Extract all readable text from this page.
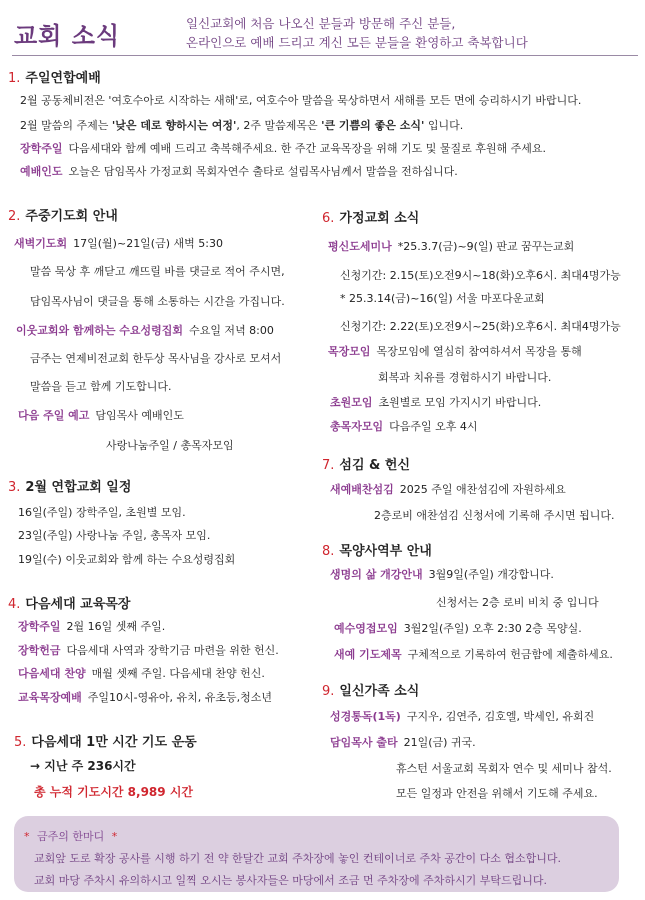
교회 소식	일신교회에 처음 나오신 분들과 방문해 주신 분들,
온라인으로 예배 드리고 계신 모든 분들을 환영하고 축복합니다
1. 주일연합예배
2월 공동체비전은 '여호수아로 시작하는 새해'로, 여호수아 말씀을 묵상하면서 새해를 모든 면에 승리하시기 바랍니다.
2월 말씀의 주제는 '낮은 데로 향하시는 여정', 2주 말씀제목은 '큰 기쁨의 좋은 소식' 입니다.
장학주일 다음세대와 함께 예배 드리고 축복해주세요. 한 주간 교육목장을 위해 기도 및 물질로 후원해 주세요.
예배인도 오늘은 담임목사 가정교회 목회자연수 출타로 설림목사님께서 말씀을 전하십니다.
2. 주중기도회 안내
새벽기도회 17일(월)~21일(금) 새벽 5:30
말씀 묵상 후 깨닫고 깨뜨릴 바를 댓글로 적어 주시면,
담임목사님이 댓글을 통해 소통하는 시간을 가집니다.
이웃교회와 함께하는 수요성령집회 수요일 저녁 8:00
금주는 연제비전교회 한두상 목사님을 강사로 모셔서
말씀을 듣고 함께 기도합니다.
다음 주일 예고 담임목사 예배인도
사랑나눔주일 / 총목자모임
3. 2월 연합교회 일정
16일(주일) 장학주일, 초원별 모임.
23일(주일) 사랑나눔 주일, 총목자 모임.
19일(수) 이웃교회와 함께 하는 수요성령집회
4. 다음세대 교육목장
장학주일 2월 16일 셋째 주일.
장학헌금 다음세대 사역과 장학기금 마련을 위한 헌신.
다음세대 찬양 매월 셋째 주일. 다음세대 찬양 헌신.
교육목장예배 주일10시-영유아, 유치, 유초등,청소년
5. 다음세대 1만 시간 기도 운동
→ 지난 주 236시간
총 누적 기도시간 8,989 시간
6. 가정교회 소식
평신도세미나 *25.3.7(금)~9(일) 판교 꿈꾸는교회
신청기간: 2.15(토)오전9시~18(화)오후6시. 최대4명가능
* 25.3.14(금)~16(일) 서울 마포다운교회
신청기간: 2.22(토)오전9시~25(화)오후6시. 최대4명가능
목장모임 목장모임에 열심히 참여하셔서 목장을 통해
회복과 치유를 경험하시기 바랍니다.
초원모임 초원별로 모임 가지시기 바랍니다.
총목자모임 다음주일 오후 4시
7. 섬김 & 헌신
새예배찬섬김 2025 주일 애찬섬김에 자원하세요
2층로비 애찬섬김 신청서에 기록해 주시면 됩니다.
8. 목양사역부 안내
생명의 삶 개강안내 3월9일(주일) 개강합니다.
신청서는 2층 로비 비치 중 입니다
예수영접모임 3월2일(주일) 오후 2:30 2층 목양실.
새예 기도제목 구체적으로 기록하여 헌금함에 제출하세요.
9. 일신가족 소식
성경통독(1독) 구지우, 김연주, 김호엘, 박세인, 유회진
담임목사 출타 21일(금) 귀국.
휴스턴 서울교회 목회자 연수 및 세미나 참석.
모든 일정과 안전을 위해서 기도해 주세요.
* 금주의 한마디 *
교회앞 도로 확장 공사를 시행 하기 전 약 한달간 교회 주차장에 놓인 컨테이너로 주차 공간이 다소 협소합니다.
교회 마당 주차시 유의하시고 일찍 오시는 봉사자들은 마당에서 조금 먼 주차장에 주차하시기 부탁드립니다.
